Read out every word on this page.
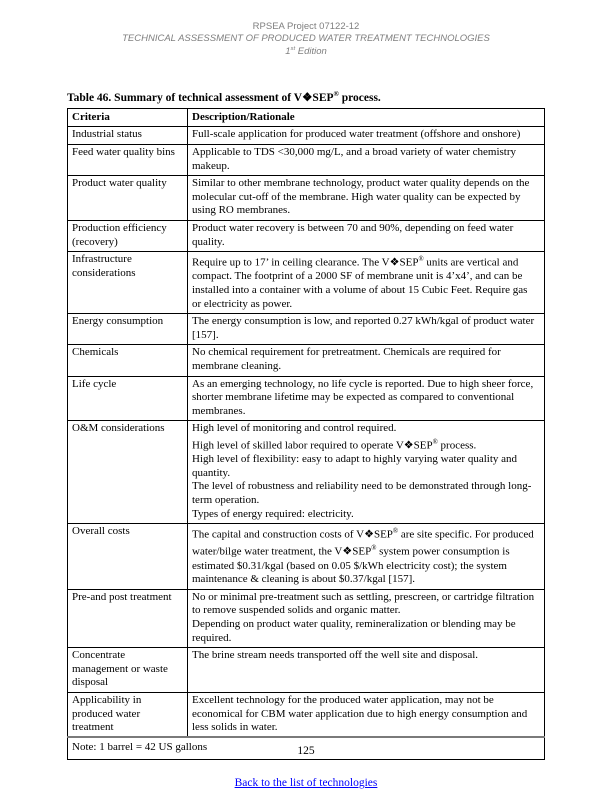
RPSEA Project 07122-12
TECHNICAL ASSESSMENT OF PRODUCED WATER TREATMENT TECHNOLOGIES
1st Edition
Table 46. Summary of technical assessment of V❖SEP® process.
Criteria	Description/Rationale
Industrial status	Full-scale application for produced water treatment (offshore and onshore)

Feed water quality bins	Applicable to TDS <30,000 mg/L, and a broad variety of water chemistry makeup.

Product water quality	Similar to other membrane technology, product water quality depends on the molecular cut-off of the membrane. High water quality can be expected by using RO membranes.

Production efficiency (recovery)	Product water recovery is between 70 and 90%, depending on feed water quality.

Infrastructure considerations	Require up to 17’ in ceiling clearance. The V❖SEP® units are vertical and compact. The footprint of a 2000 SF of membrane unit is 4’x4’, and can be installed into a container with a volume of about 15 Cubic Feet. Require gas or electricity as power.

Energy consumption	The energy consumption is low, and reported 0.27 kWh/kgal of product water [157].

Chemicals	No chemical requirement for pretreatment. Chemicals are required for membrane cleaning.

Life cycle	As an emerging technology, no life cycle is reported. Due to high sheer force, shorter membrane lifetime may be expected as compared to conventional membranes.

O&M considerations	High level of monitoring and control required.
High level of skilled labor required to operate V❖SEP® process.
High level of flexibility: easy to adapt to highly varying water quality and quantity.
The level of robustness and reliability need to be demonstrated through long-term operation.
Types of energy required: electricity.

Overall costs	The capital and construction costs of V❖SEP® are site specific. For produced water/bilge water treatment, the V❖SEP® system power consumption is estimated $0.31/kgal (based on 0.05 $/kWh electricity cost); the system maintenance & cleaning is about $0.37/kgal [157].

Pre-and post treatment	No or minimal pre-treatment such as settling, prescreen, or cartridge filtration to remove suspended solids and organic matter.
Depending on product water quality, remineralization or blending may be required.

Concentrate management or waste disposal	The brine stream needs transported off the well site and disposal.

Applicability in produced water treatment	Excellent technology for the produced water application, may not be economical for CBM water application due to high energy consumption and less solids in water.

Note: 1 barrel = 42 US gallons	
Back to the list of technologies
125
